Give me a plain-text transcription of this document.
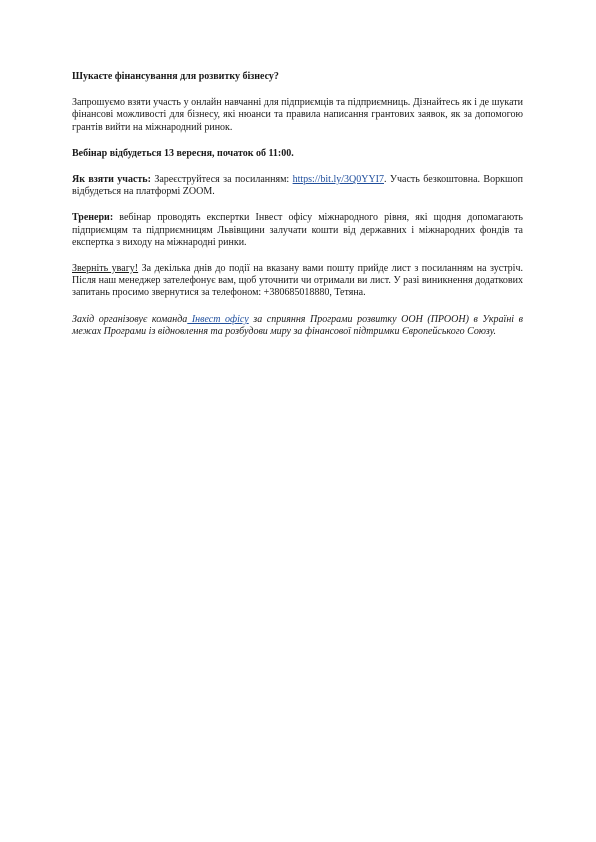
Шукаєте фінансування для розвитку бізнесу?

Запрошуємо взяти участь у онлайн навчанні для підприємців та підприємниць. Дізнайтесь як і де шукати фінансові можливості для бізнесу, які нюанси та правила написання грантових заявок, як за допомогою грантів вийти на міжнародний ринок.

Вебінар відбудеться 13 вересня, початок об 11:00.

Як взяти участь: Зареєструйтеся за посиланням: https://bit.ly/3Q0YYI7. Участь безкоштовна. Воркшоп відбудеться на платформі ZOOM.

Тренери: вебінар проводять експертки Інвест офісу міжнародного рівня, які щодня допомагають підприємцям та підприємницям Львівщини залучати кошти від державних і міжнародних фондів та експертка з виходу на міжнародні ринки.

Зверніть увагу! За декілька днів до події на вказану вами пошту прийде лист з посиланням на зустріч. Після наш менеджер зателефонує вам, щоб уточнити чи отримали ви лист. У разі виникнення додаткових запитань просимо звернутися за телефоном: +380685018880, Тетяна.

Захід організовує команда Інвест офісу за сприяння Програми розвитку ООН (ПРООН) в Україні в межах Програми із відновлення та розбудови миру за фінансової підтримки Європейського Союзу.
